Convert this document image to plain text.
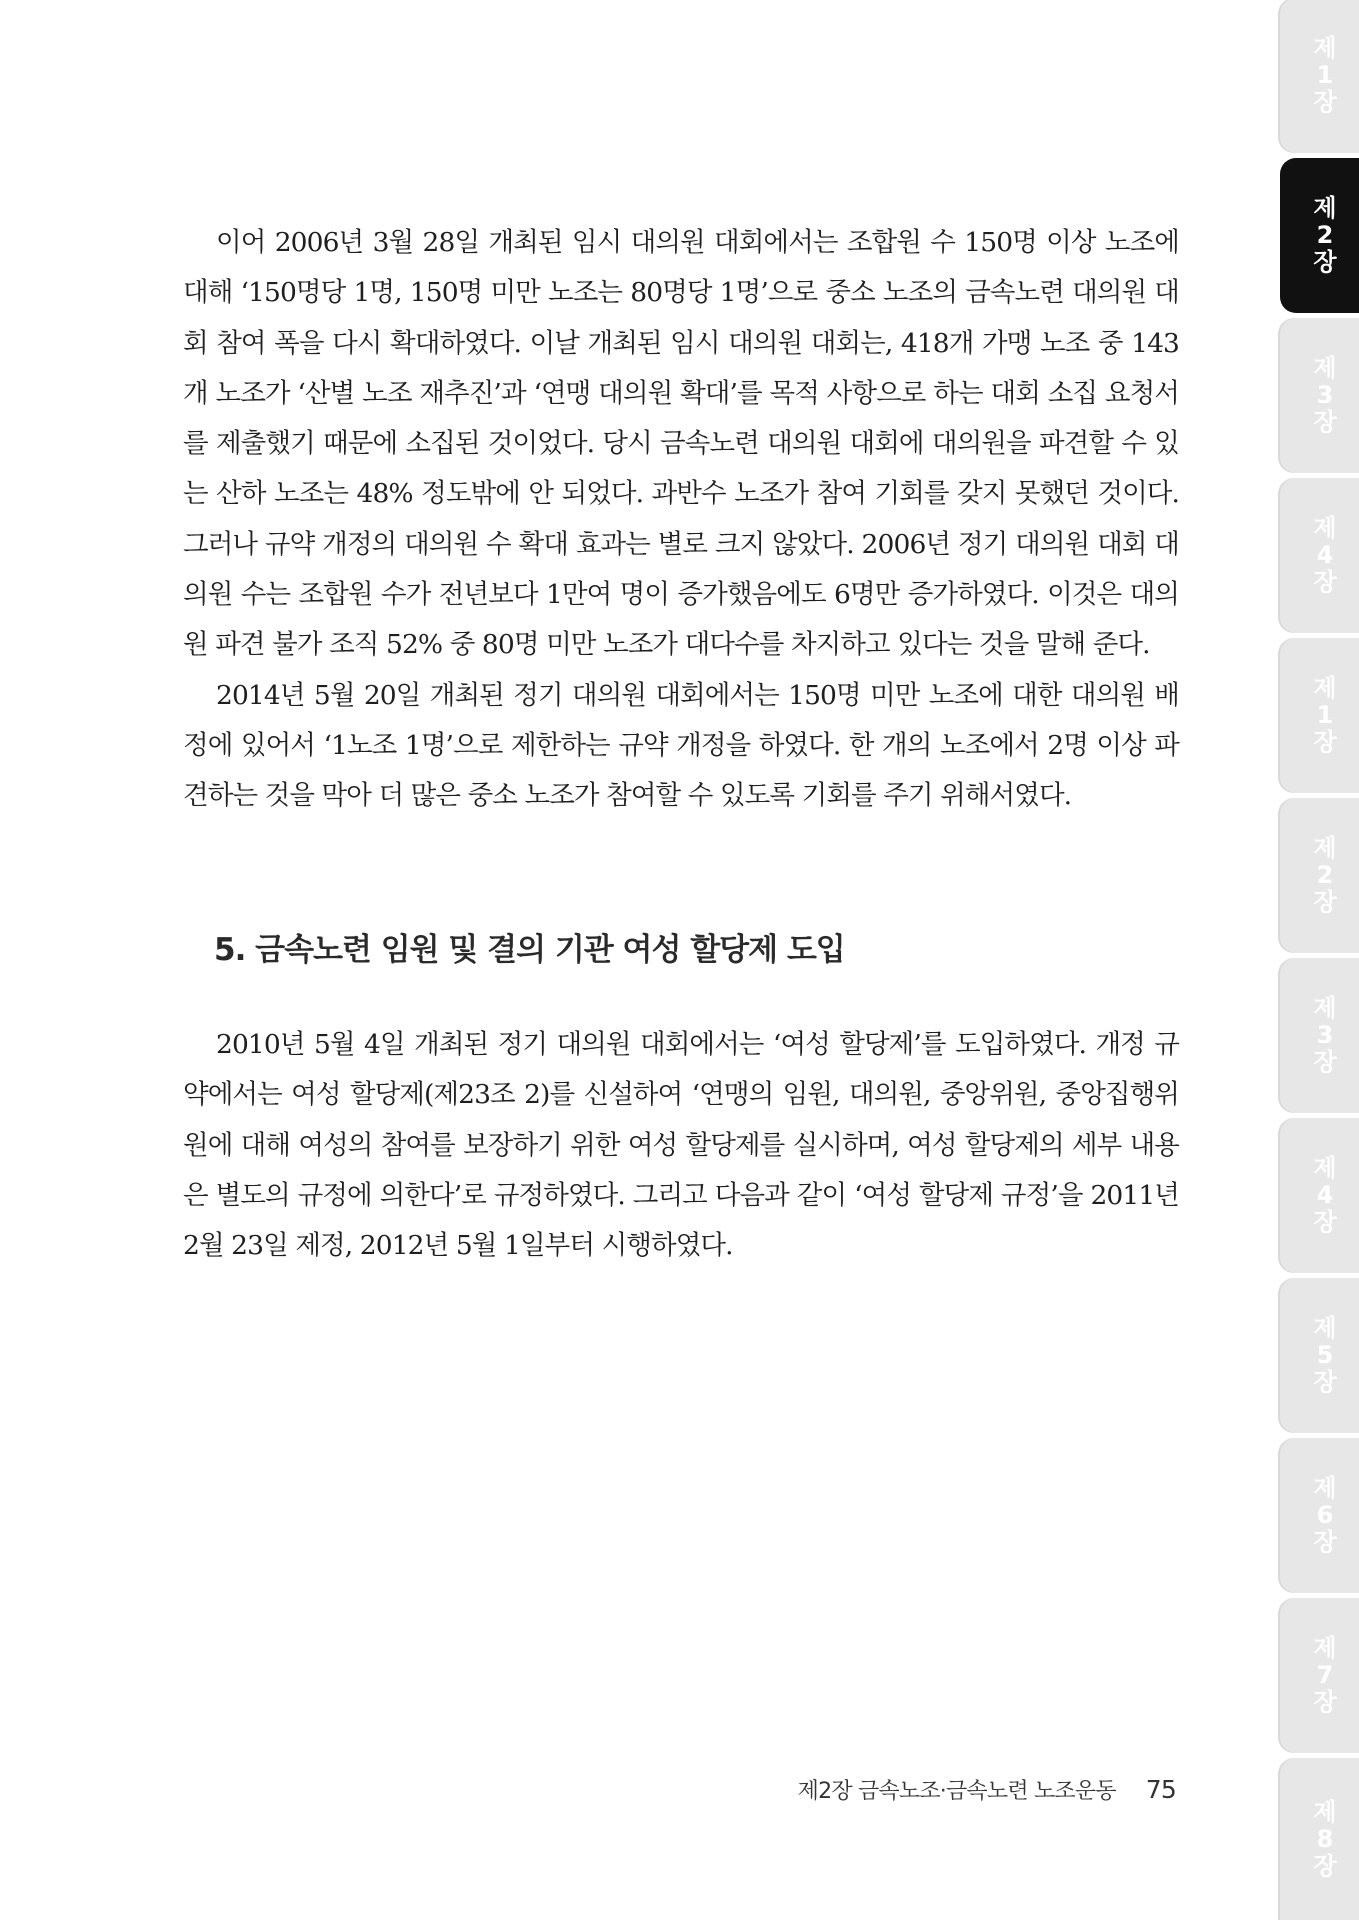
이어 2006년 3월 28일 개최된 임시 대의원 대회에서는 조합원 수 150명 이상 노조에 대해 ‘150명당 1명, 150명 미만 노조는 80명당 1명’으로 중소 노조의 금속노련 대의원 대회 참여 폭을 다시 확대하였다. 이날 개최된 임시 대의원 대회는, 418개 가맹 노조 중 143개 노조가 ‘산별 노조 재추진’과 ‘연맹 대의원 확대’를 목적 사항으로 하는 대회 소집 요청서를 제출했기 때문에 소집된 것이었다. 당시 금속노련 대의원 대회에 대의원을 파견할 수 있는 산하 노조는 48% 정도밖에 안 되었다. 과반수 노조가 참여 기회를 갖지 못했던 것이다. 그러나 규약 개정의 대의원 수 확대 효과는 별로 크지 않았다. 2006년 정기 대의원 대회 대의원 수는 조합원 수가 전년보다 1만여 명이 증가했음에도 6명만 증가하였다. 이것은 대의원 파견 불가 조직 52% 중 80명 미만 노조가 대다수를 차지하고 있다는 것을 말해 준다.

2014년 5월 20일 개최된 정기 대의원 대회에서는 150명 미만 노조에 대한 대의원 배정에 있어서 ‘1노조 1명’으로 제한하는 규약 개정을 하였다. 한 개의 노조에서 2명 이상 파견하는 것을 막아 더 많은 중소 노조가 참여할 수 있도록 기회를 주기 위해서였다.

5. 금속노련 임원 및 결의 기관 여성 할당제 도입

2010년 5월 4일 개최된 정기 대의원 대회에서는 ‘여성 할당제’를 도입하였다. 개정 규약에서는 여성 할당제(제23조 2)를 신설하여 ‘연맹의 임원, 대의원, 중앙위원, 중앙집행위원에 대해 여성의 참여를 보장하기 위한 여성 할당제를 실시하며, 여성 할당제의 세부 내용은 별도의 규정에 의한다’로 규정하였다. 그리고 다음과 같이 ‘여성 할당제 규정’을 2011년 2월 23일 제정, 2012년 5월 1일부터 시행하였다.

제2장 금속노조·금속노련 노조운동 75
제
1
장
제
2
장
제
3
장
제
4
장
제
1
장
제
2
장
제
3
장
제
4
장
제
5
장
제
6
장
제
7
장
제
8
장
